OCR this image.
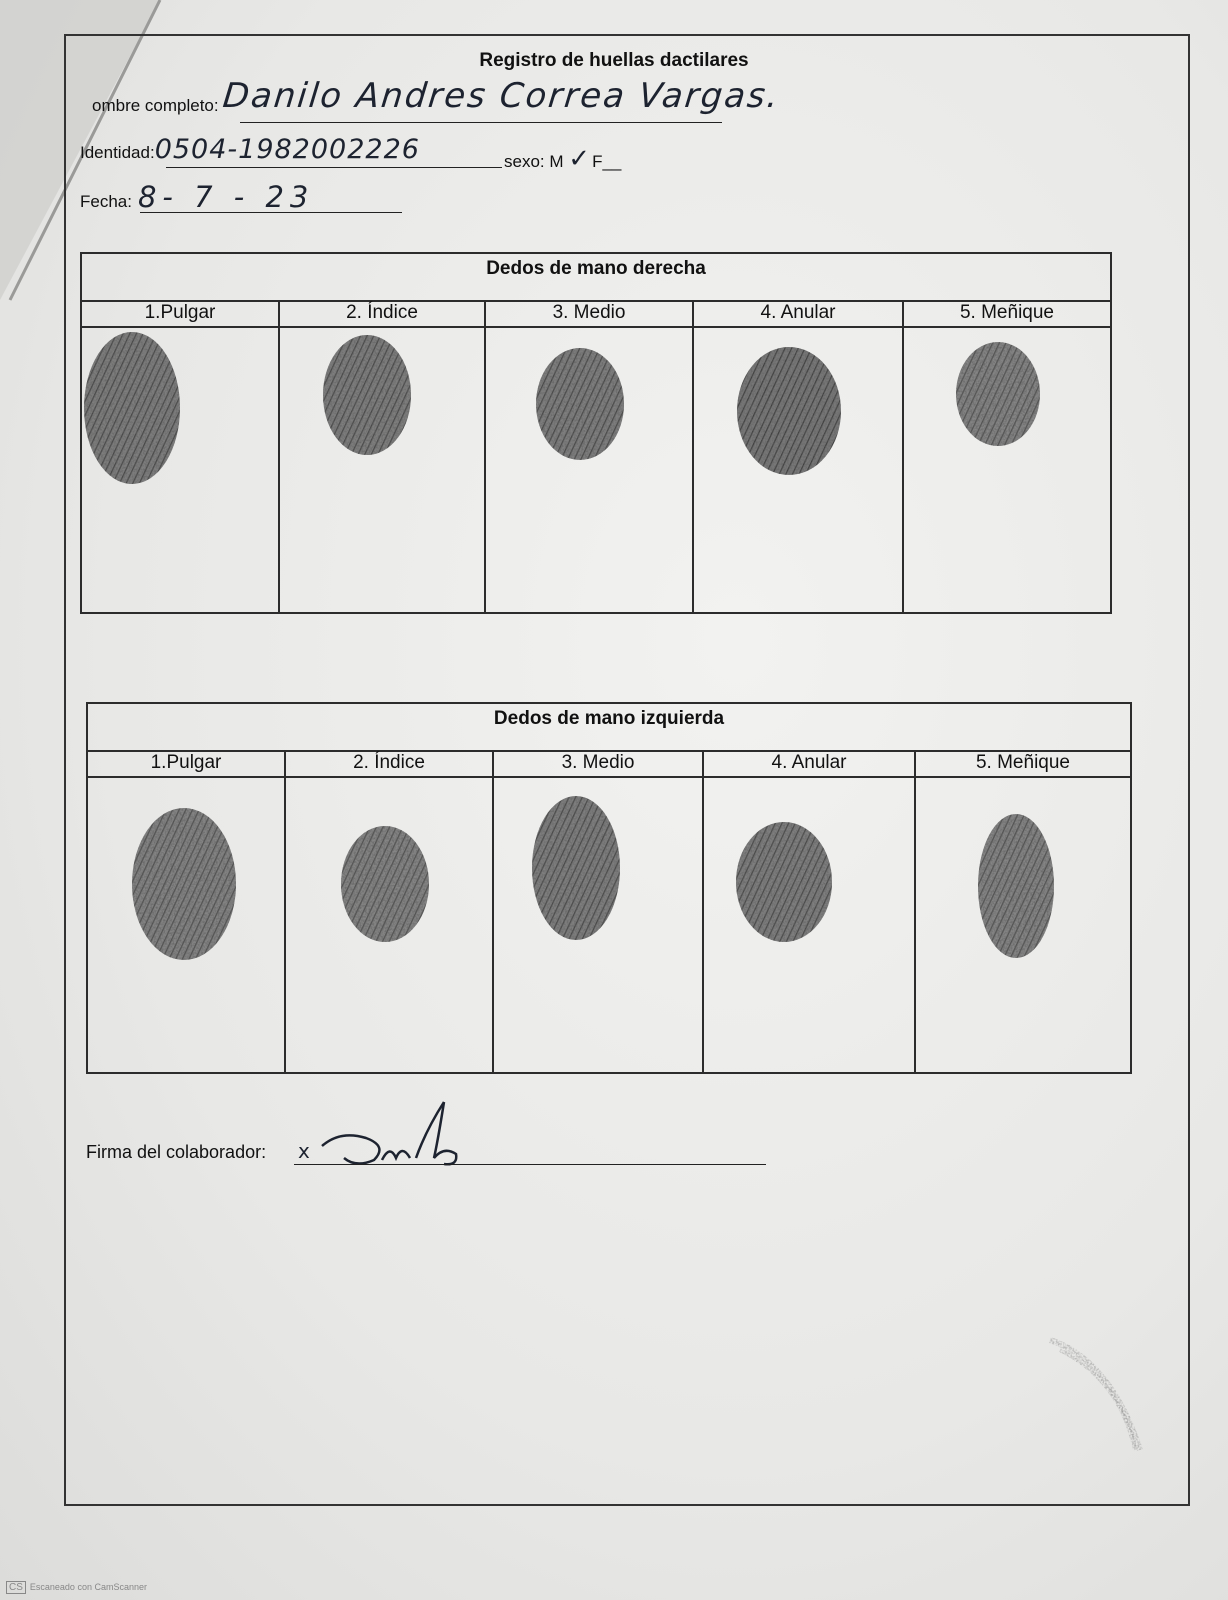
Registro de huellas dactilares
ombre completo:Danilo Andres Correa Vargas.
Identidad:0504-1982002226	sexo: M ✓F__
Fecha: 8- 7 - 23
Dedos de mano derecha
1.Pulgar	2. Índice	3. Medio	4. Anular	5. Meñique
Dedos de mano izquierda
1.Pulgar	2. Índice	3. Medio	4. Anular	5. Meñique
Firma del colaborador: x
CS Escaneado con CamScanner
